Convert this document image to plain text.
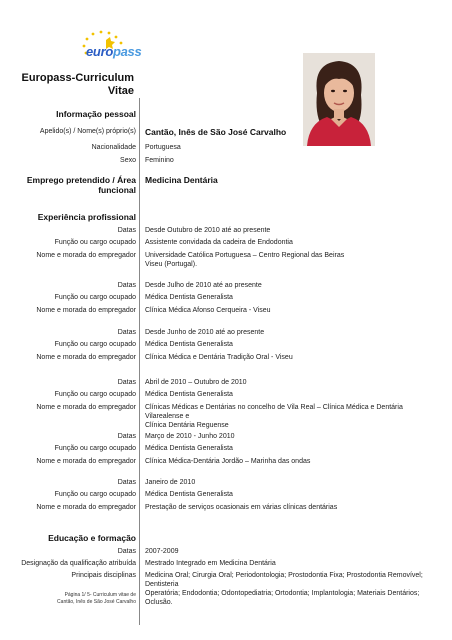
europass
Europass-Curriculum
Vitae
Informação pessoal
Apelido(s) / Nome(s) próprio(s) Cantão, Inês de São José Carvalho
Nacionalidade Portuguesa
Sexo Feminino
Emprego pretendido / Área
funcional
Medicina Dentária
Experiência profissional
Datas Desde Outubro de 2010 até ao presente
Função ou cargo ocupado Assistente convidada da cadeira de Endodontia
Nome e morada do empregador Universidade Católica Portuguesa – Centro Regional das Beiras
Viseu (Portugal).
Datas Desde Julho de 2010 até ao presente
Função ou cargo ocupado Médica Dentista Generalista
Nome e morada do empregador Clínica Médica Afonso Cerqueira - Viseu
Datas Desde Junho de 2010 até ao presente
Função ou cargo ocupado Médica Dentista Generalista
Nome e morada do empregador Clínica Médica e Dentária Tradição Oral - Viseu
Datas Abril de 2010 – Outubro de 2010
Função ou cargo ocupado Médica Dentista Generalista
Nome e morada do empregador Clínicas Médicas e Dentárias no concelho de Vila Real – Clínica Médica e Dentária Vilarealense e
Clínica Dentária Reguense
Datas Março de 2010 - Junho 2010
Função ou cargo ocupado Médica Dentista Generalista
Nome e morada do empregador Clínica Médica-Dentária Jordão – Marinha das ondas
Datas Janeiro de 2010
Função ou cargo ocupado Médica Dentista Generalista
Nome e morada do empregador Prestação de serviços ocasionais em várias clínicas dentárias
Educação e formação
Datas 2007-2009
Designação da qualificação atribuída Mestrado Integrado em Medicina Dentária
Principais disciplinas Medicina Oral; Cirurgia Oral; Periodontologia; Prostodontia Fixa; Prostodontia Removível; Dentisteria
Operatória; Endodontia; Odontopediatria; Ortodontia; Implantologia; Materiais Dentários; Oclusão.
Página 1/ 5- Curriculum vitae de
Cantão, Inês de São José Carvalho
